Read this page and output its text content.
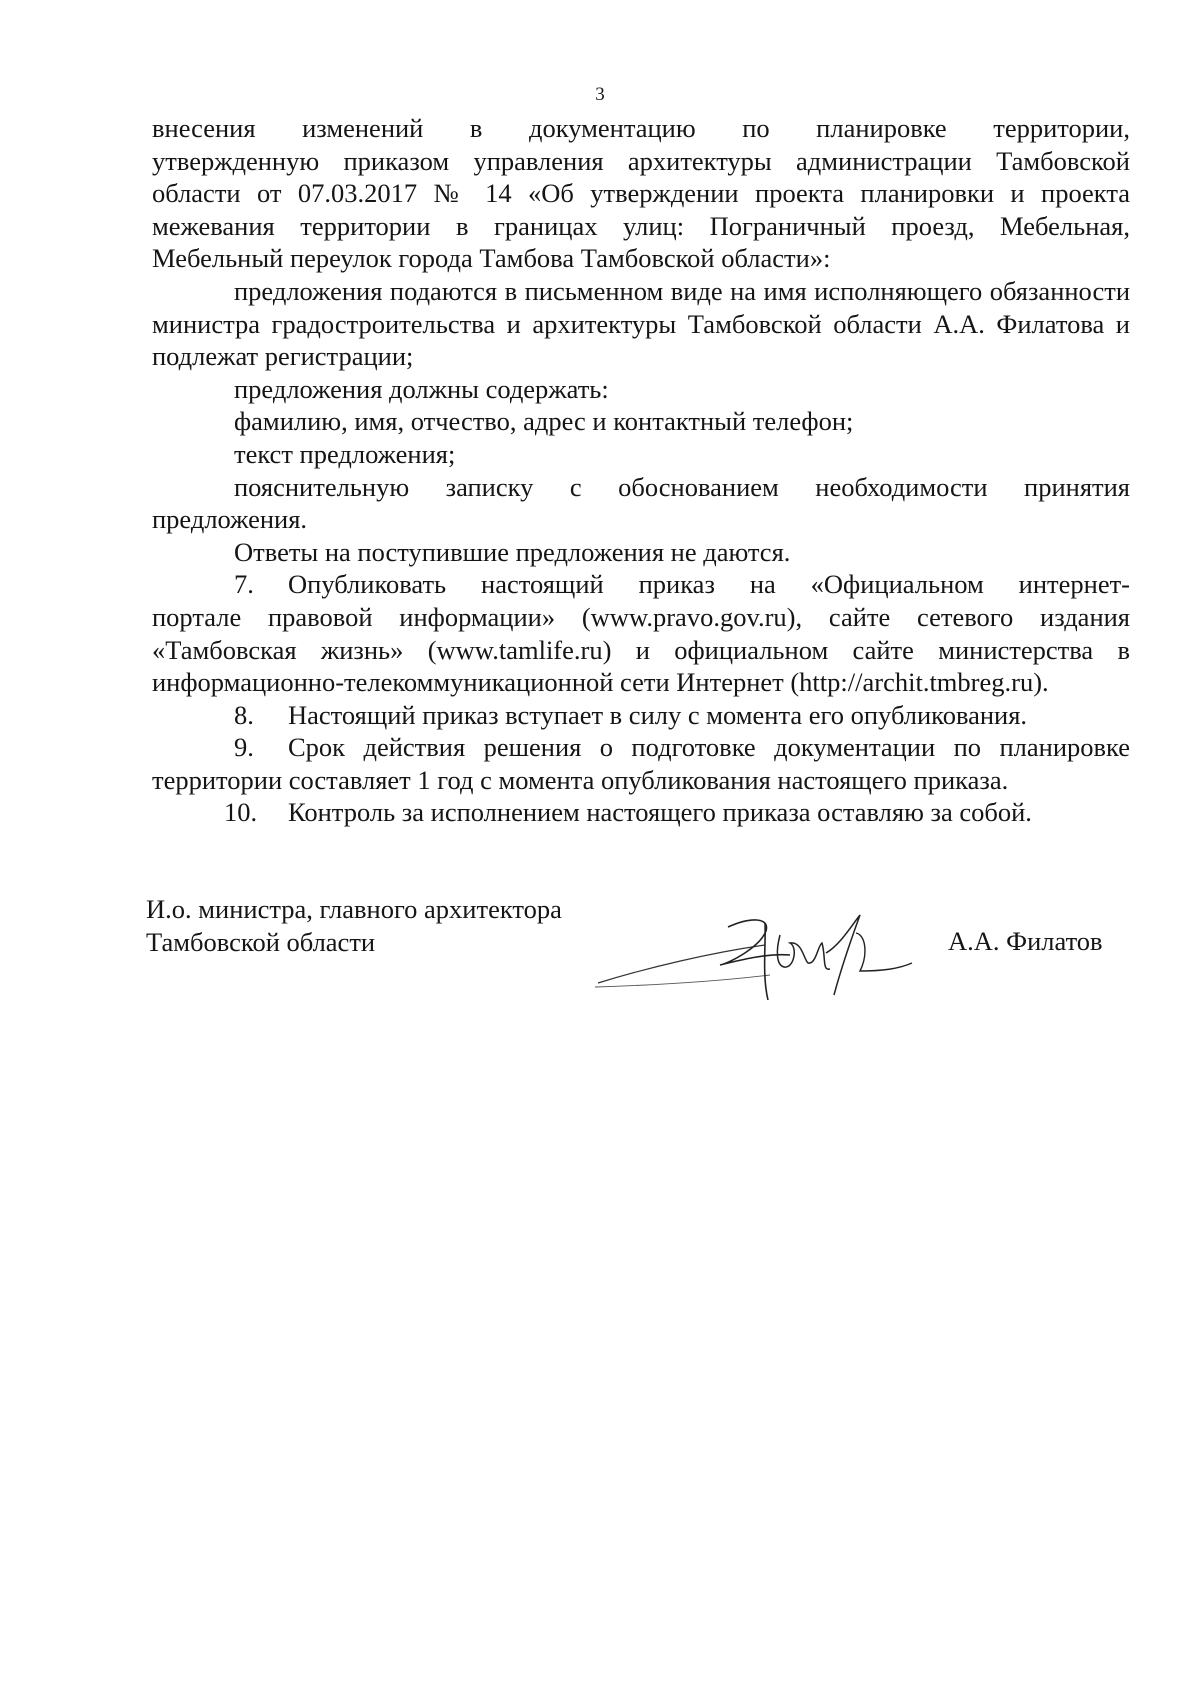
3

внесения изменений в документацию по планировке территории,

утвержденную приказом управления архитектуры администрации Тамбовской области от 07.03.2017 № 14 «Об утверждении проекта планировки и проекта межевания территории в границах улиц: Пограничный проезд, Мебельная, Мебельный переулок города Тамбова Тамбовской области»:

предложения подаются в письменном виде на имя исполняющего обязанности министра градостроительства и архитектуры Тамбовской области А.А. Филатова и подлежат регистрации;

предложения должны содержать:

фамилию, имя, отчество, адрес и контактный телефон;

текст предложения;

пояснительную записку с обоснованием необходимости принятия предложения.

Ответы на поступившие предложения не даются.

7.	Опубликовать настоящий приказ на «Официальном интернет-

портале правовой информации» (www.pravo.gov.ru), сайте сетевого издания «Тамбовская жизнь» (www.tamlife.ru) и официальном сайте министерства в информационно-телекоммуникационной сети Интернет (http://archit.tmbreg.ru).

8.	Настоящий приказ вступает в силу с момента его опубликования.
9.	Срок действия решения о подготовке документации по планировке

территории составляет 1 год с момента опубликования настоящего приказа.

10.	Контроль за исполнением настоящего приказа оставляю за собой.
И.о. министра, главного архитектора
Тамбовской области	А.А. Филатов
